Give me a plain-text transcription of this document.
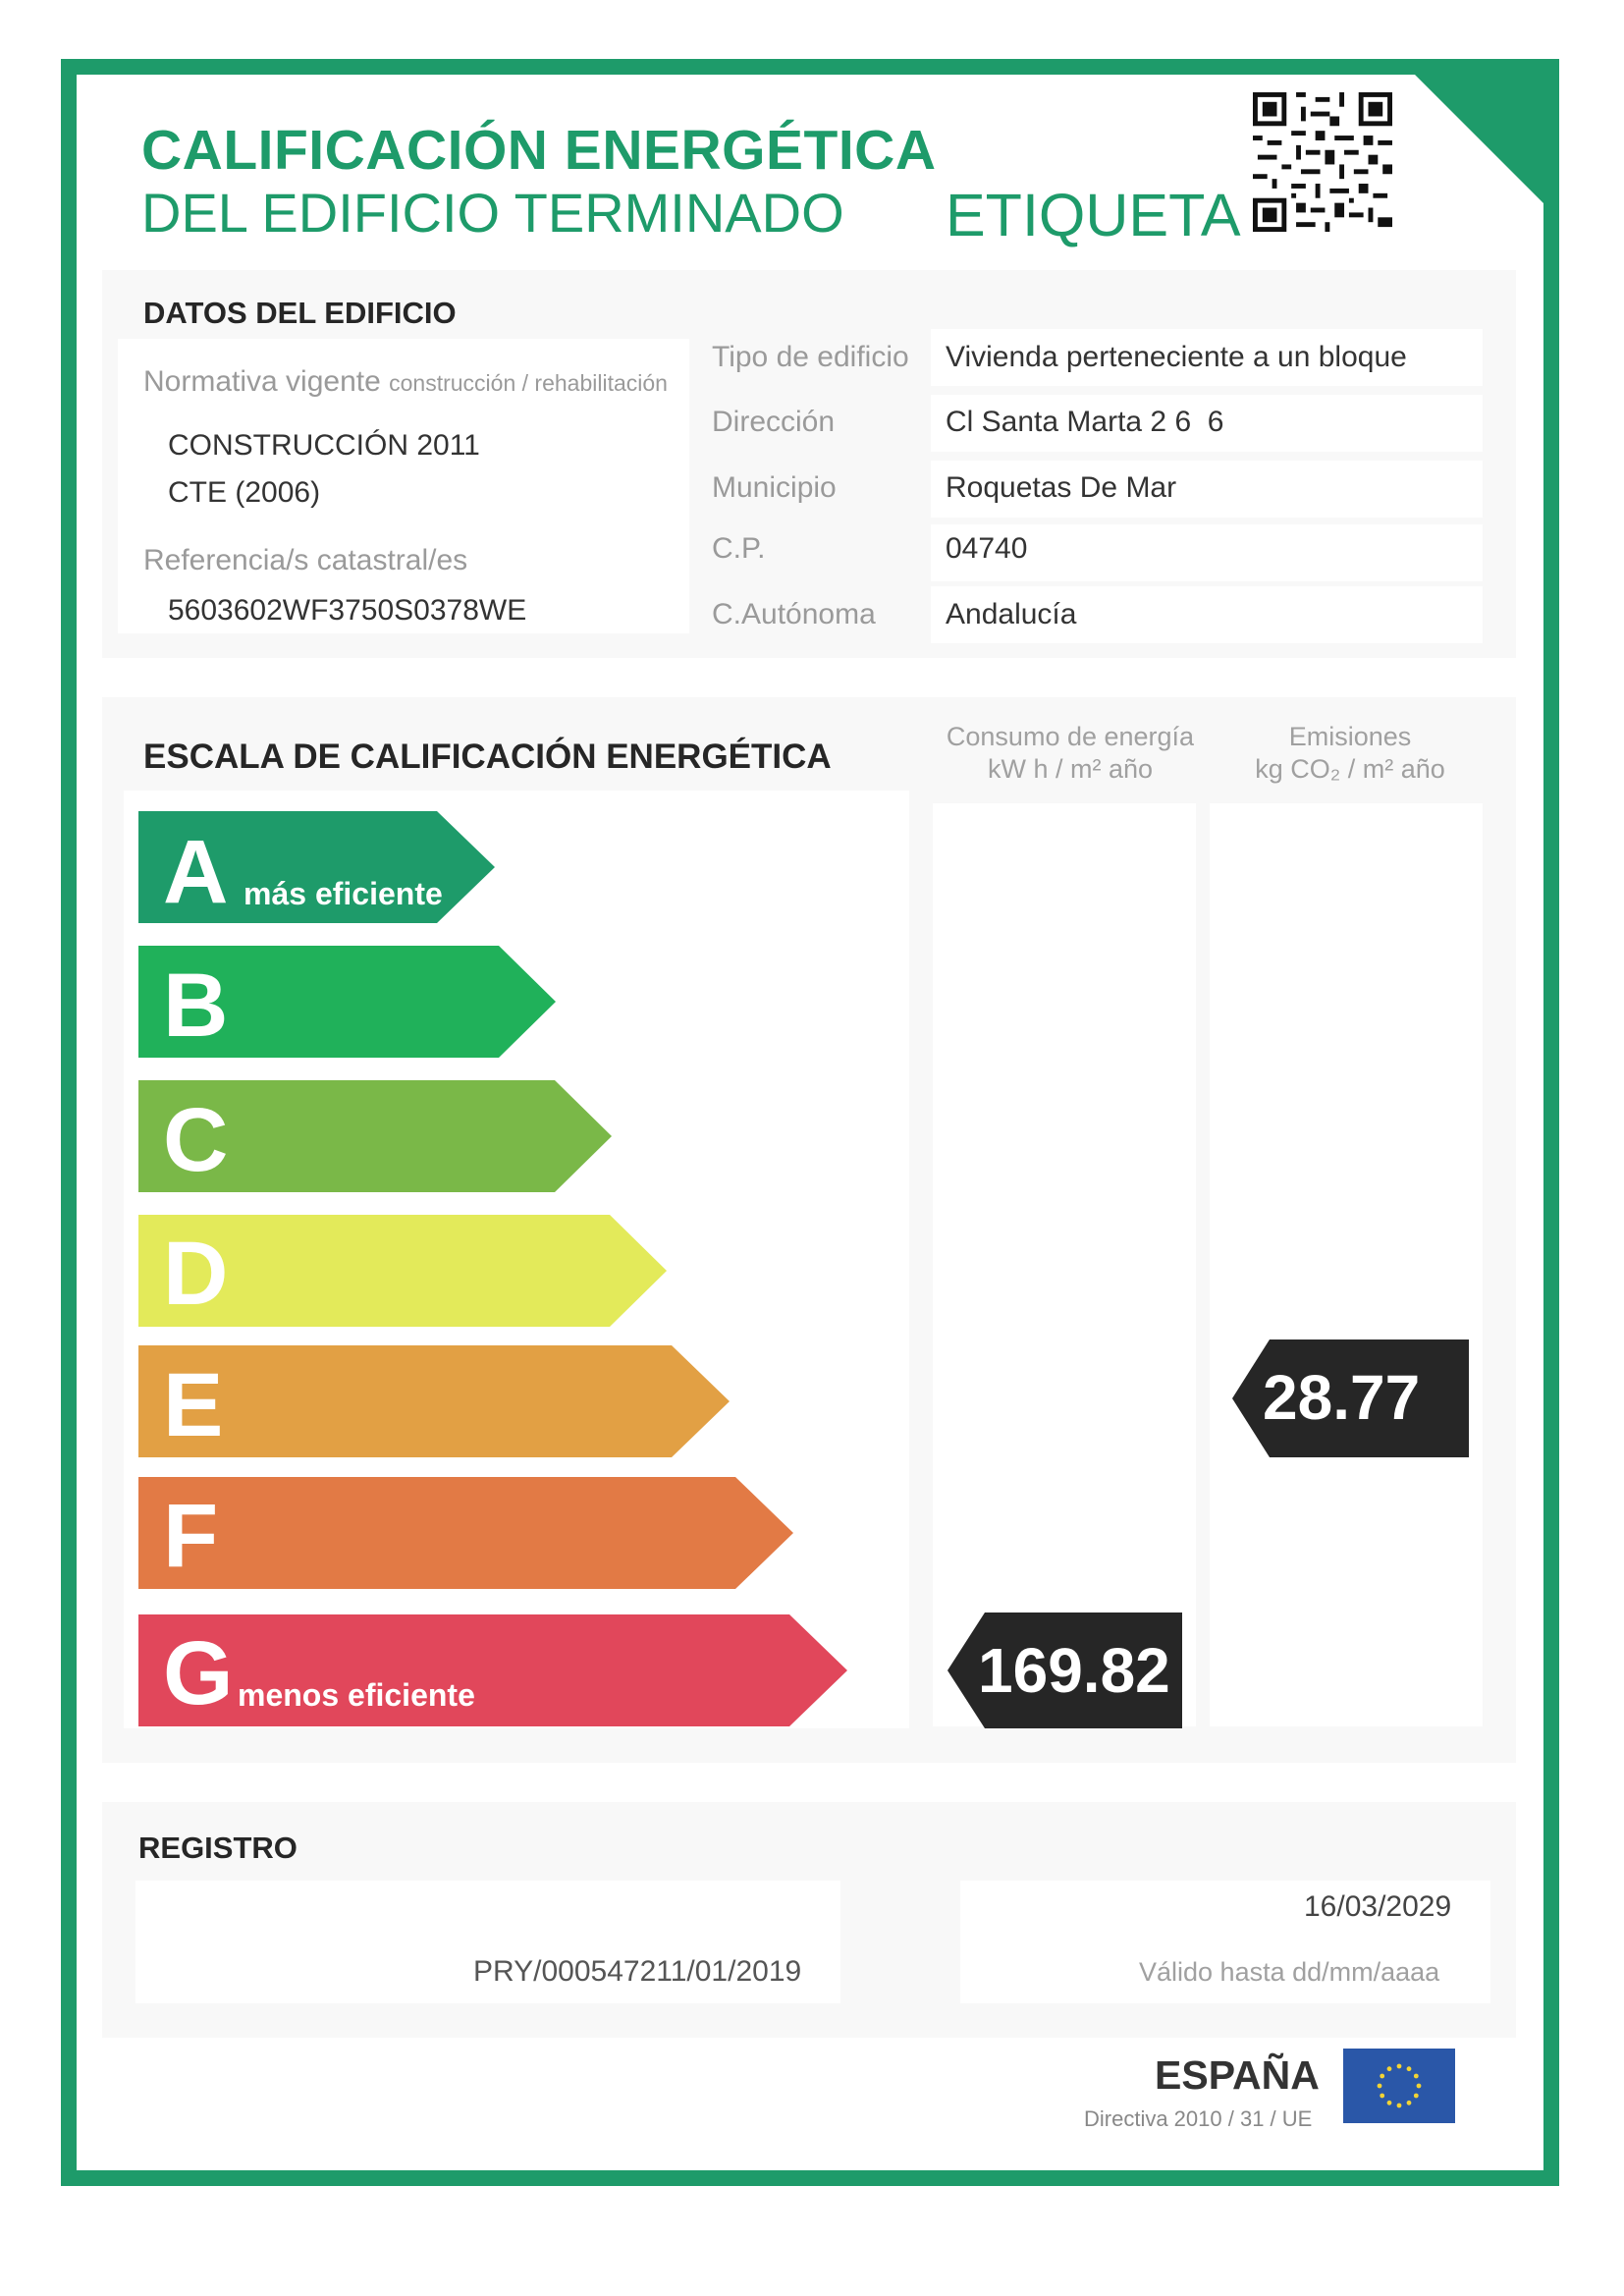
CALIFICACIÓN ENERGÉTICA
DEL EDIFICIO TERMINADO ETIQUETA
DATOS DEL EDIFICIO
Normativa vigente construcción / rehabilitación
CONSTRUCCIÓN 2011
CTE (2006)
Referencia/s catastral/es
5603602WF3750S0378WE
Tipo de edificio Vivienda perteneciente a un bloque
Dirección	Cl Santa Marta 2 6  6
Municipio	Roquetas De Mar
C.P.	04740
C.Autónoma Andalucía
ESCALA DE CALIFICACIÓN ENERGÉTICA
Consumo de energía
kW h / m² año
Emisiones
kg CO₂ / m² año
A más eficiente
B
C
D
E
F
G menos eficiente	169.82
28.77
REGISTRO
PRY/000547211/01/2019
16/03/2029
Válido hasta dd/mm/aaaa
ESPAÑA
Directiva 2010 / 31 / UE
